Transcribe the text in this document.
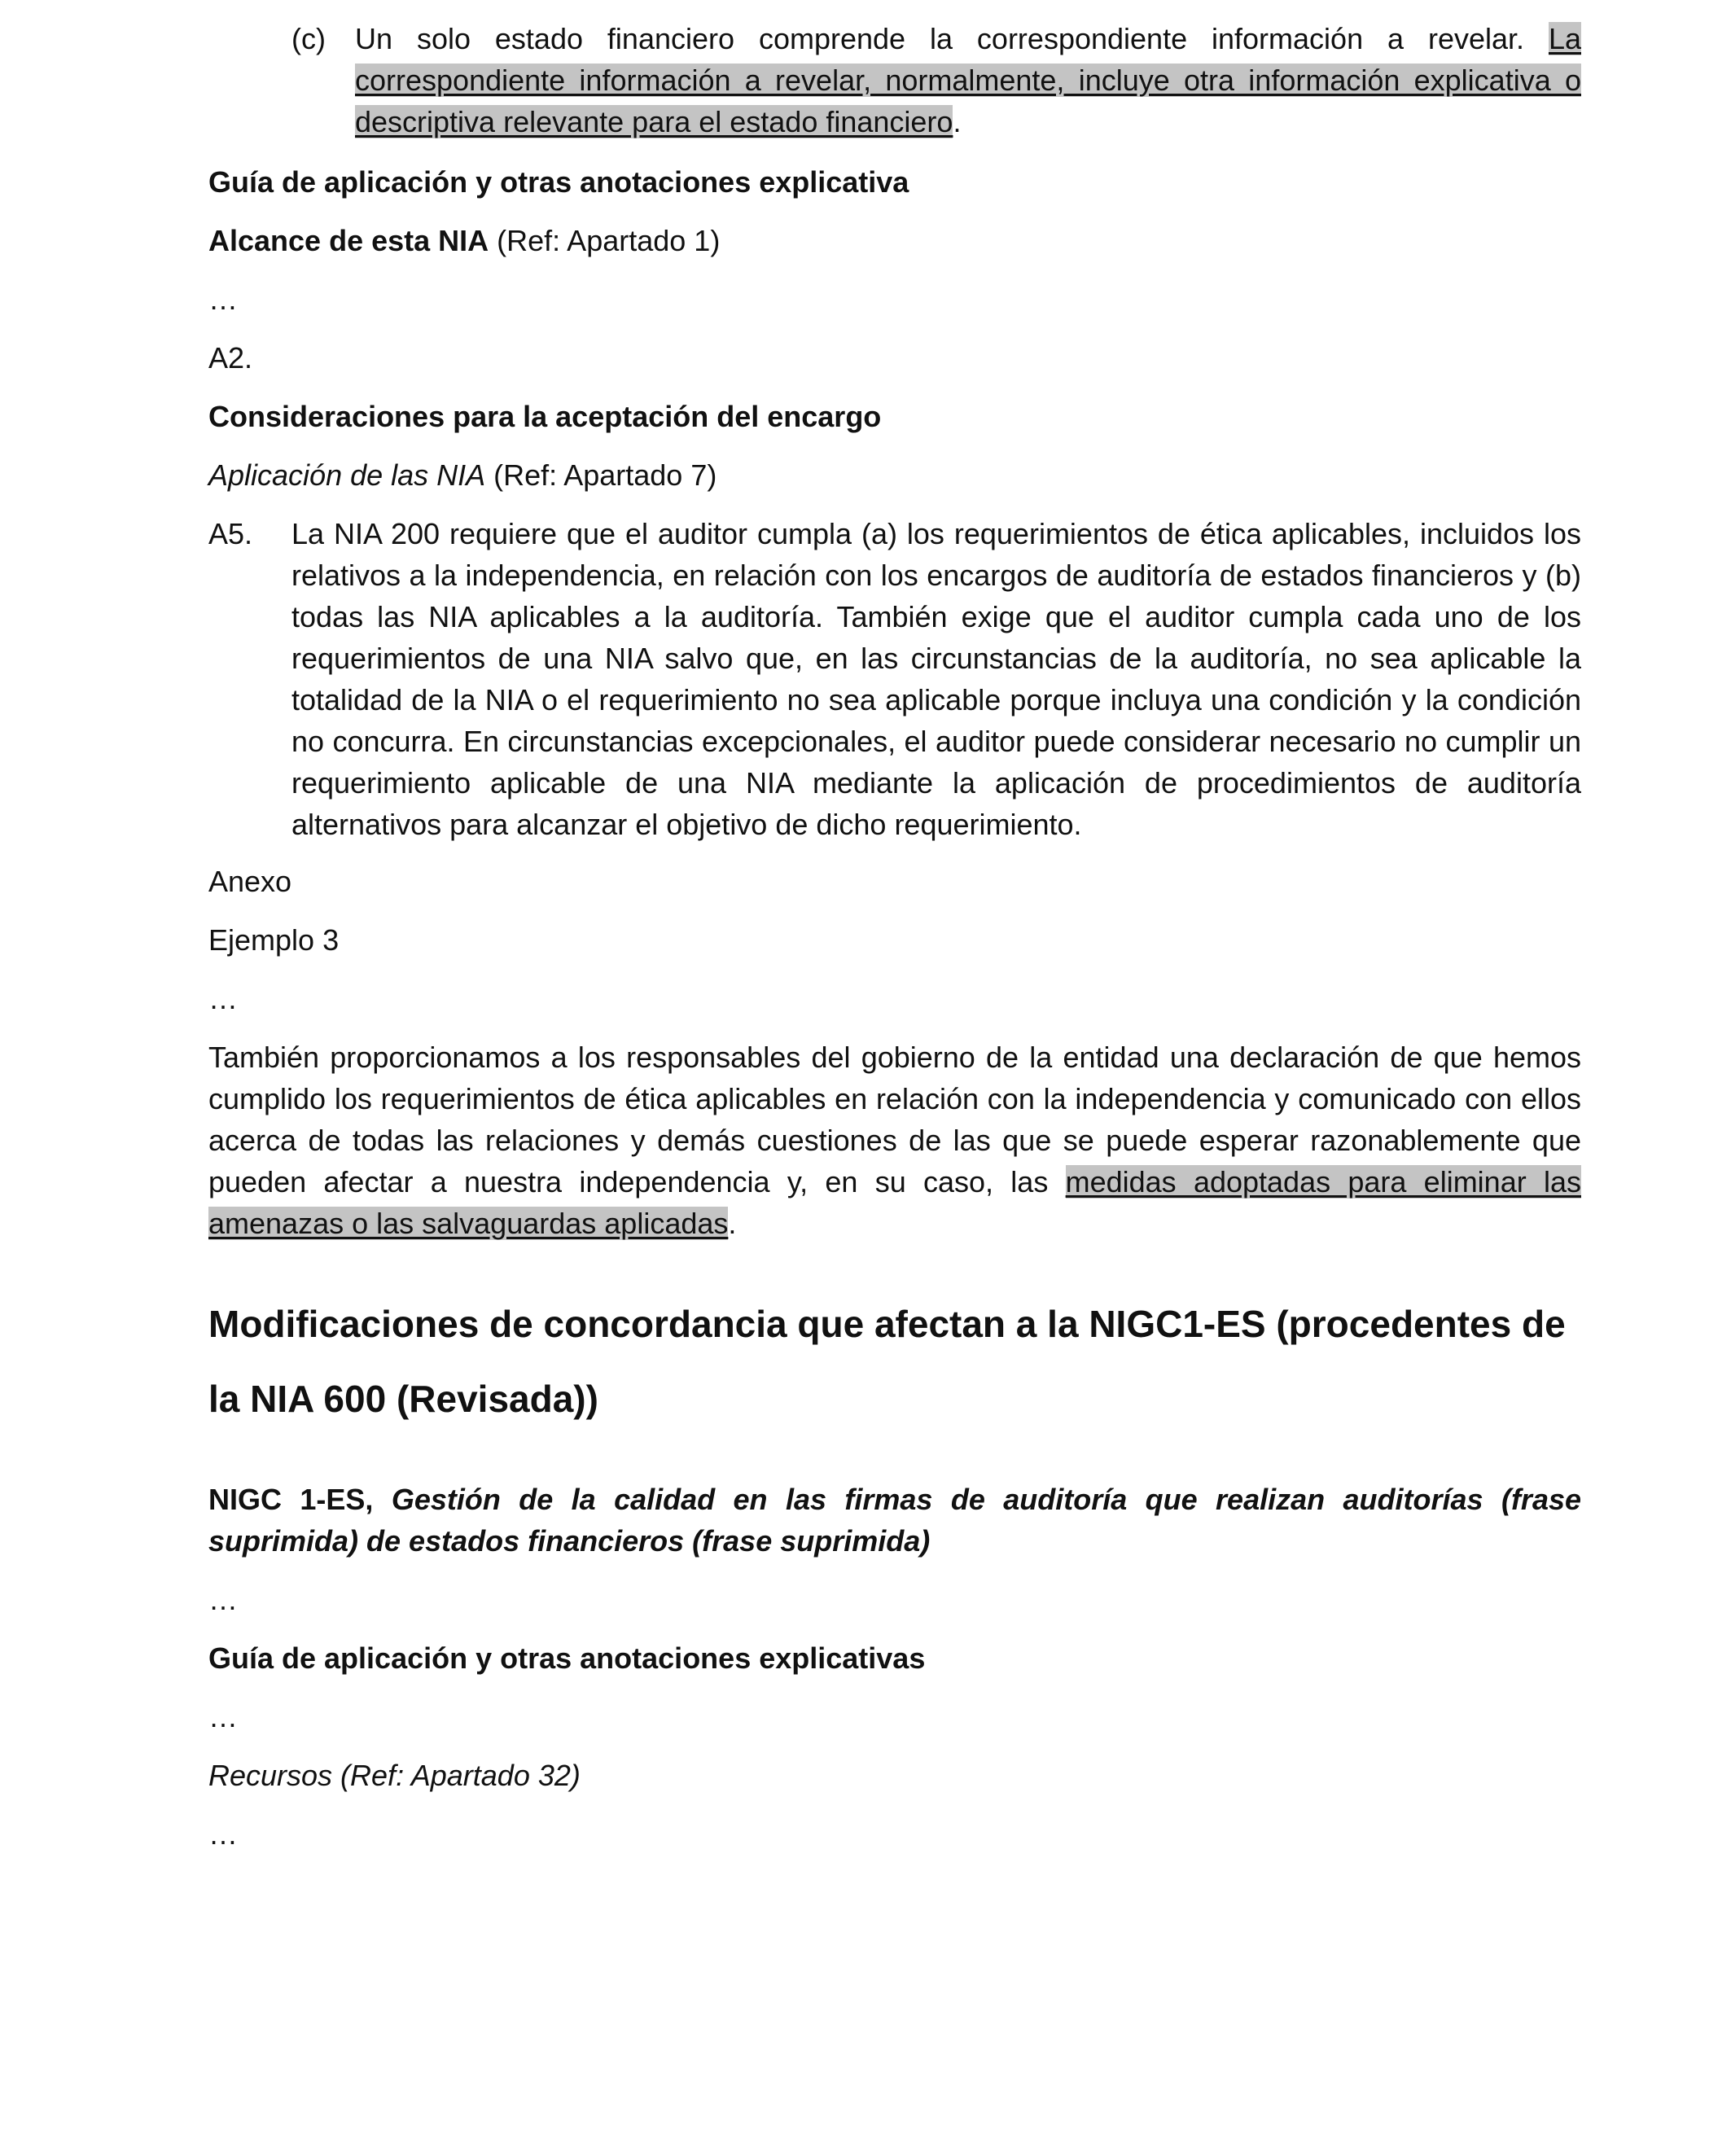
(c) Un solo estado financiero comprende la correspondiente información a revelar. La correspondiente información a revelar, normalmente, incluye otra información explicativa o descriptiva relevante para el estado financiero.
Guía de aplicación y otras anotaciones explicativa
Alcance de esta NIA (Ref: Apartado 1)
…
A2.
Consideraciones para la aceptación del encargo
Aplicación de las NIA (Ref: Apartado 7)
A5. La NIA 200 requiere que el auditor cumpla (a) los requerimientos de ética aplicables, incluidos los relativos a la independencia, en relación con los encargos de auditoría de estados financieros y (b) todas las NIA aplicables a la auditoría. También exige que el auditor cumpla cada uno de los requerimientos de una NIA salvo que, en las circunstancias de la auditoría, no sea aplicable la totalidad de la NIA o el requerimiento no sea aplicable porque incluya una condición y la condición no concurra. En circunstancias excepcionales, el auditor puede considerar necesario no cumplir un requerimiento aplicable de una NIA mediante la aplicación de procedimientos de auditoría alternativos para alcanzar el objetivo de dicho requerimiento.
Anexo
Ejemplo 3
…
También proporcionamos a los responsables del gobierno de la entidad una declaración de que hemos cumplido los requerimientos de ética aplicables en relación con la independencia y comunicado con ellos acerca de todas las relaciones y demás cuestiones de las que se puede esperar razonablemente que pueden afectar a nuestra independencia y, en su caso, las medidas adoptadas para eliminar las amenazas o las salvaguardas aplicadas.
Modificaciones de concordancia que afectan a la NIGC1-ES (procedentes de la NIA 600 (Revisada))
NIGC 1-ES, Gestión de la calidad en las firmas de auditoría que realizan auditorías (frase suprimida) de estados financieros (frase suprimida)
…
Guía de aplicación y otras anotaciones explicativas
…
Recursos (Ref: Apartado 32)
…
